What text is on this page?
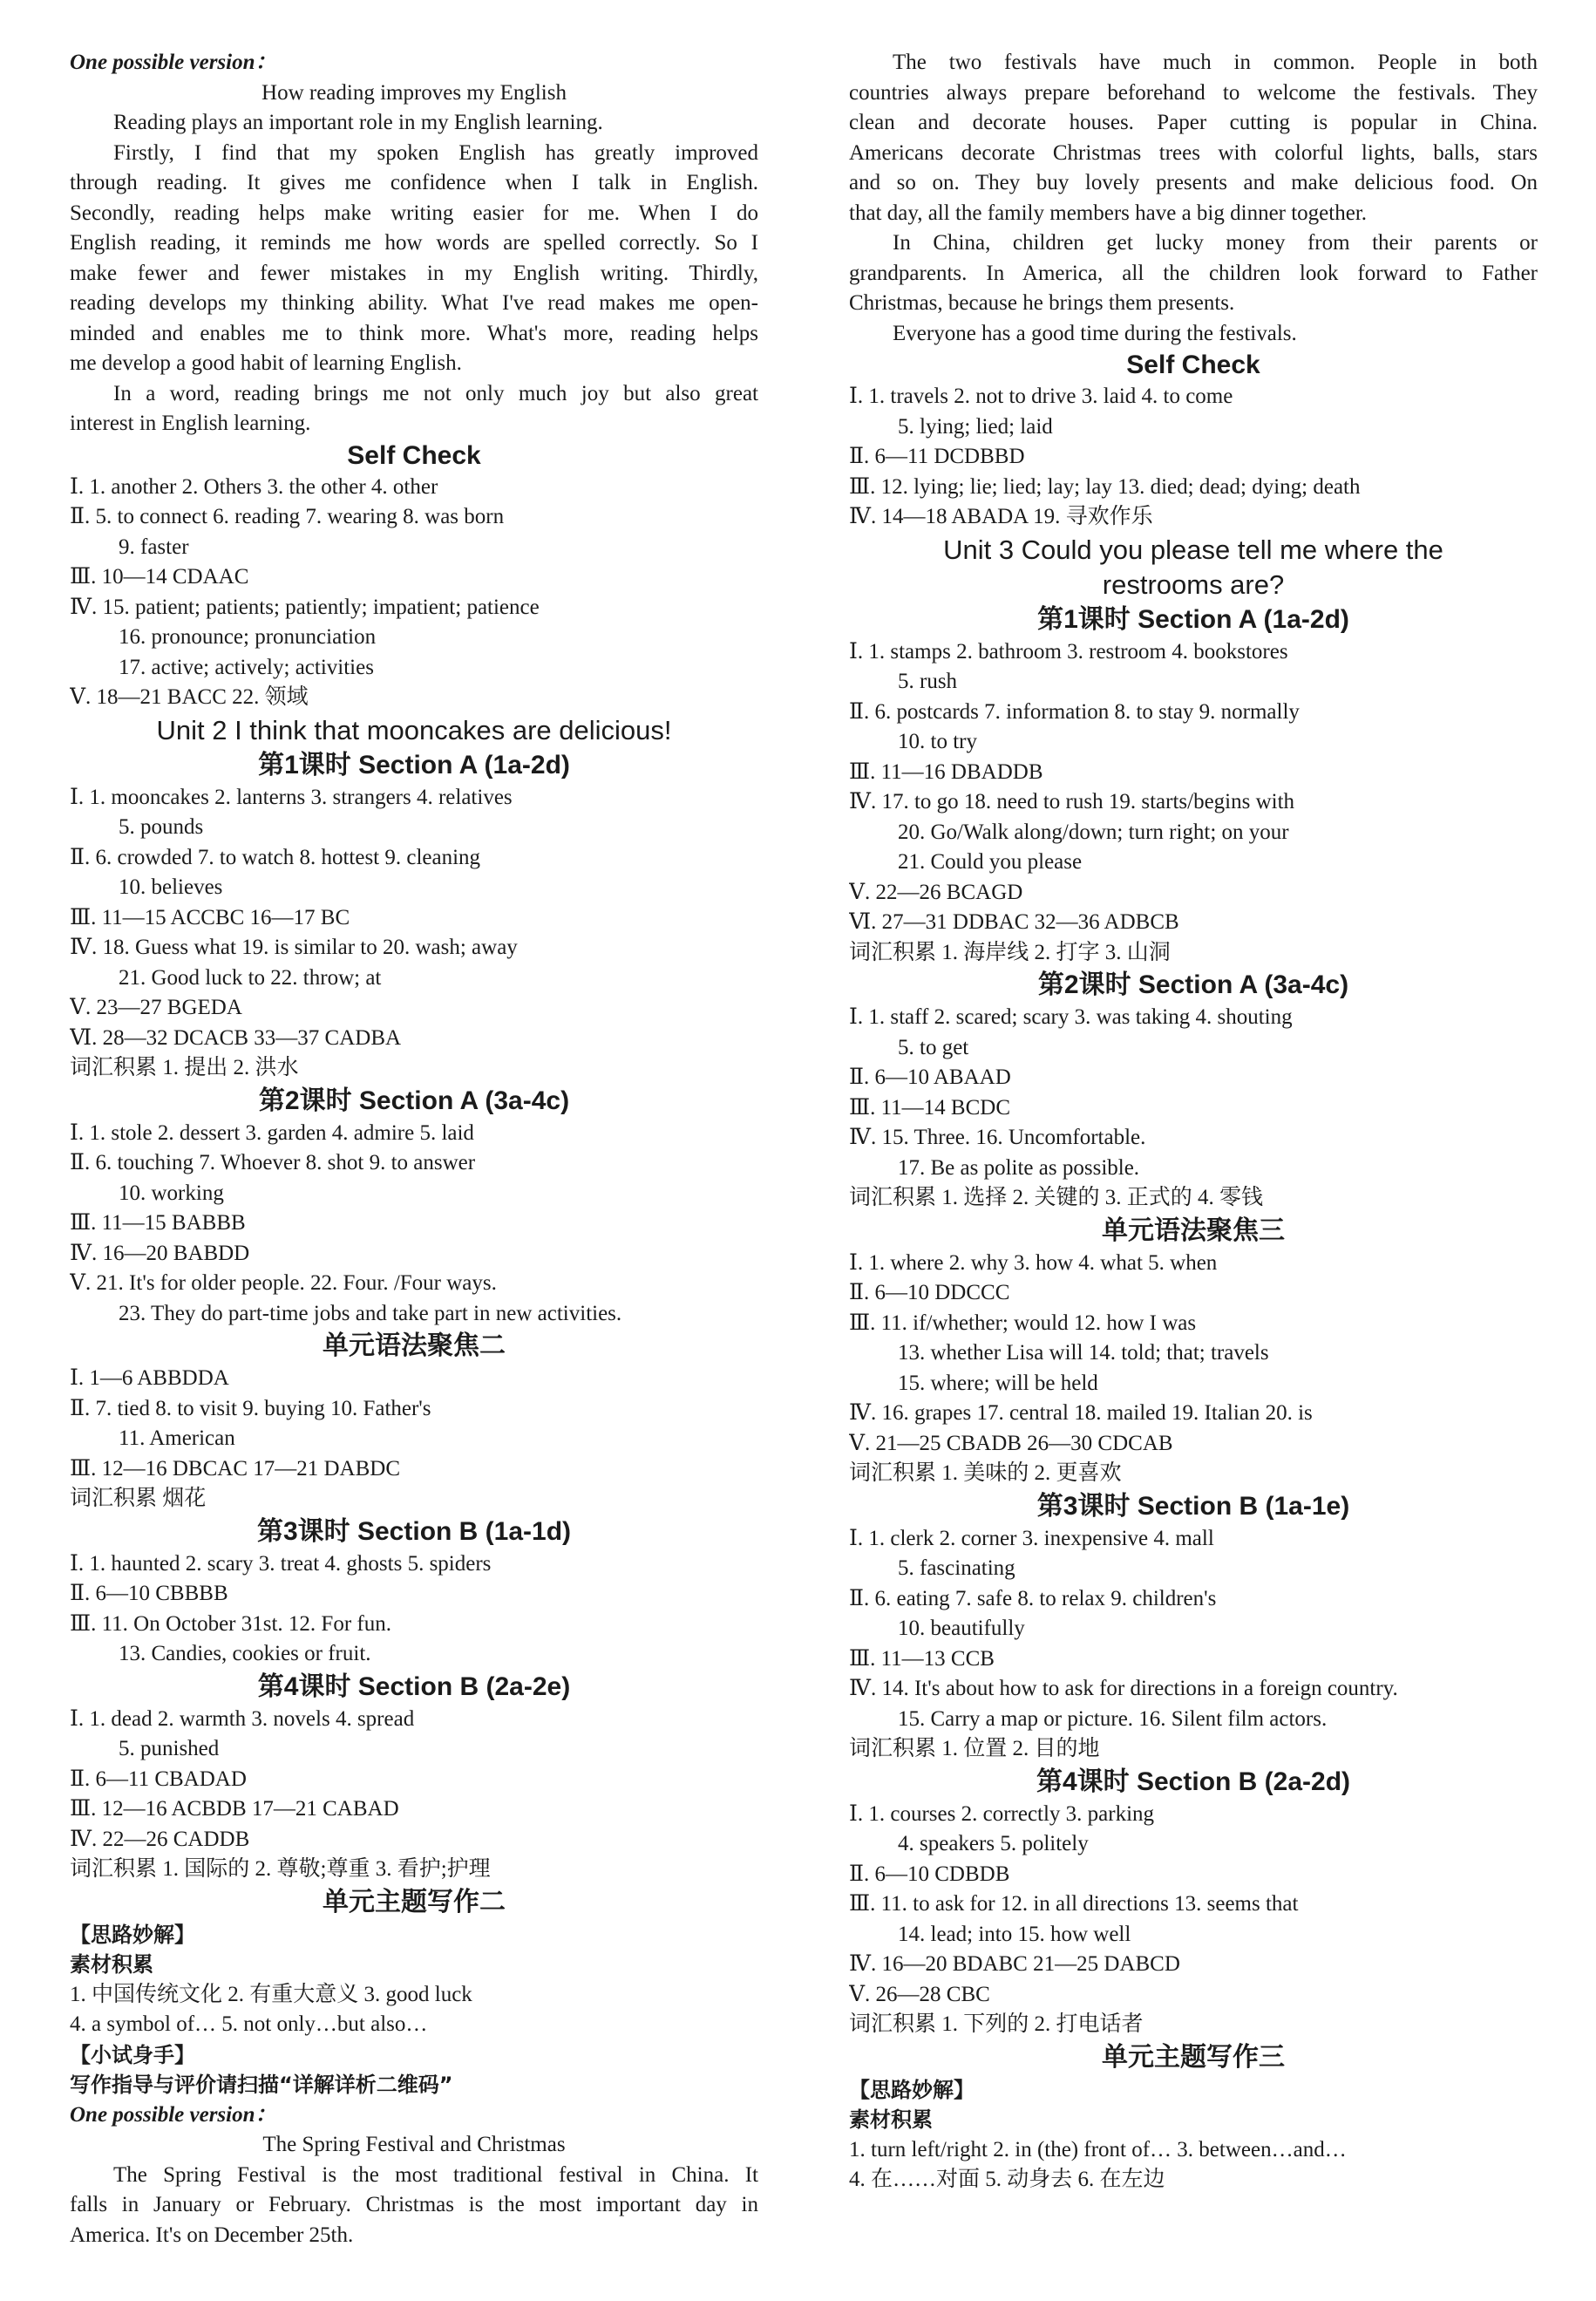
One possible version：
How reading improves my English
Reading plays an important role in my English learning.
Firstly, I find that my spoken English has greatly improved
through reading. It gives me confidence when I talk in English.
Secondly, reading helps make writing easier for me. When I do
English reading, it reminds me how words are spelled correctly. So I
make fewer and fewer mistakes in my English writing. Thirdly,
reading develops my thinking ability. What I've read makes me open-
minded and enables me to think more. What's more, reading helps
me develop a good habit of learning English.
In a word, reading brings me not only much joy but also great
interest in English learning.
Self Check
Ⅰ. 1. another 2. Others 3. the other 4. other
Ⅱ. 5. to connect 6. reading 7. wearing 8. was born
9. faster
Ⅲ. 10—14 CDAAC
Ⅳ. 15. patient; patients; patiently; impatient; patience
16. pronounce; pronunciation
17. active; actively; activities
Ⅴ. 18—21 BACC 22. 领域
Unit 2 I think that mooncakes are delicious!
第1课时 Section A (1a-2d)
Ⅰ. 1. mooncakes 2. lanterns 3. strangers 4. relatives
5. pounds
Ⅱ. 6. crowded 7. to watch 8. hottest 9. cleaning
10. believes
Ⅲ. 11—15 ACCBC 16—17 BC
Ⅳ. 18. Guess what 19. is similar to 20. wash; away
21. Good luck to 22. throw; at
Ⅴ. 23—27 BGEDA
Ⅵ. 28—32 DCACB 33—37 CADBA
词汇积累 1. 提出 2. 洪水
第2课时 Section A (3a-4c)
Ⅰ. 1. stole 2. dessert 3. garden 4. admire 5. laid
Ⅱ. 6. touching 7. Whoever 8. shot 9. to answer
10. working
Ⅲ. 11—15 BABBB
Ⅳ. 16—20 BABDD
Ⅴ. 21. It's for older people. 22. Four. /Four ways.
23. They do part-time jobs and take part in new activities.
单元语法聚焦二
Ⅰ. 1—6 ABBDDA
Ⅱ. 7. tied 8. to visit 9. buying 10. Father's
11. American
Ⅲ. 12—16 DBCAC 17—21 DABDC
词汇积累 烟花
第3课时 Section B (1a-1d)
Ⅰ. 1. haunted 2. scary 3. treat 4. ghosts 5. spiders
Ⅱ. 6—10 CBBBB
Ⅲ. 11. On October 31st. 12. For fun.
13. Candies, cookies or fruit.
第4课时 Section B (2a-2e)
Ⅰ. 1. dead 2. warmth 3. novels 4. spread
5. punished
Ⅱ. 6—11 CBADAD
Ⅲ. 12—16 ACBDB 17—21 CABAD
Ⅳ. 22—26 CADDB
词汇积累 1. 国际的 2. 尊敬;尊重 3. 看护;护理
单元主题写作二
【思路妙解】
素材积累
1. 中国传统文化 2. 有重大意义 3. good luck
4. a symbol of… 5. not only…but also…
【小试身手】
写作指导与评价请扫描“详解详析二维码”
One possible version：
The Spring Festival and Christmas
The Spring Festival is the most traditional festival in China. It
falls in January or February. Christmas is the most important day in
America. It's on December 25th.
The two festivals have much in common. People in both
countries always prepare beforehand to welcome the festivals. They
clean and decorate houses. Paper cutting is popular in China.
Americans decorate Christmas trees with colorful lights, balls, stars
and so on. They buy lovely presents and make delicious food. On
that day, all the family members have a big dinner together.
In China, children get lucky money from their parents or
grandparents. In America, all the children look forward to Father
Christmas, because he brings them presents.
Everyone has a good time during the festivals.
Self Check
Ⅰ. 1. travels 2. not to drive 3. laid 4. to come
5. lying; lied; laid
Ⅱ. 6—11 DCDBBD
Ⅲ. 12. lying; lie; lied; lay; lay 13. died; dead; dying; death
Ⅳ. 14—18 ABADA 19. 寻欢作乐
Unit 3 Could you please tell me where the
restrooms are?
第1课时 Section A (1a-2d)
Ⅰ. 1. stamps 2. bathroom 3. restroom 4. bookstores
5. rush
Ⅱ. 6. postcards 7. information 8. to stay 9. normally
10. to try
Ⅲ. 11—16 DBADDB
Ⅳ. 17. to go 18. need to rush 19. starts/begins with
20. Go/Walk along/down; turn right; on your
21. Could you please
Ⅴ. 22—26 BCAGD
Ⅵ. 27—31 DDBAC 32—36 ADBCB
词汇积累 1. 海岸线 2. 打字 3. 山洞
第2课时 Section A (3a-4c)
Ⅰ. 1. staff 2. scared; scary 3. was taking 4. shouting
5. to get
Ⅱ. 6—10 ABAAD
Ⅲ. 11—14 BCDC
Ⅳ. 15. Three. 16. Uncomfortable.
17. Be as polite as possible.
词汇积累 1. 选择 2. 关键的 3. 正式的 4. 零钱
单元语法聚焦三
Ⅰ. 1. where 2. why 3. how 4. what 5. when
Ⅱ. 6—10 DDCCC
Ⅲ. 11. if/whether; would 12. how I was
13. whether Lisa will 14. told; that; travels
15. where; will be held
Ⅳ. 16. grapes 17. central 18. mailed 19. Italian 20. is
Ⅴ. 21—25 CBADB 26—30 CDCAB
词汇积累 1. 美味的 2. 更喜欢
第3课时 Section B (1a-1e)
Ⅰ. 1. clerk 2. corner 3. inexpensive 4. mall
5. fascinating
Ⅱ. 6. eating 7. safe 8. to relax 9. children's
10. beautifully
Ⅲ. 11—13 CCB
Ⅳ. 14. It's about how to ask for directions in a foreign country.
15. Carry a map or picture. 16. Silent film actors.
词汇积累 1. 位置 2. 目的地
第4课时 Section B (2a-2d)
Ⅰ. 1. courses 2. correctly 3. parking
4. speakers 5. politely
Ⅱ. 6—10 CDBDB
Ⅲ. 11. to ask for 12. in all directions 13. seems that
14. lead; into 15. how well
Ⅳ. 16—20 BDABC 21—25 DABCD
Ⅴ. 26—28 CBC
词汇积累 1. 下列的 2. 打电话者
单元主题写作三
【思路妙解】
素材积累
1. turn left/right 2. in (the) front of… 3. between…and…
4. 在……对面 5. 动身去 6. 在左边
